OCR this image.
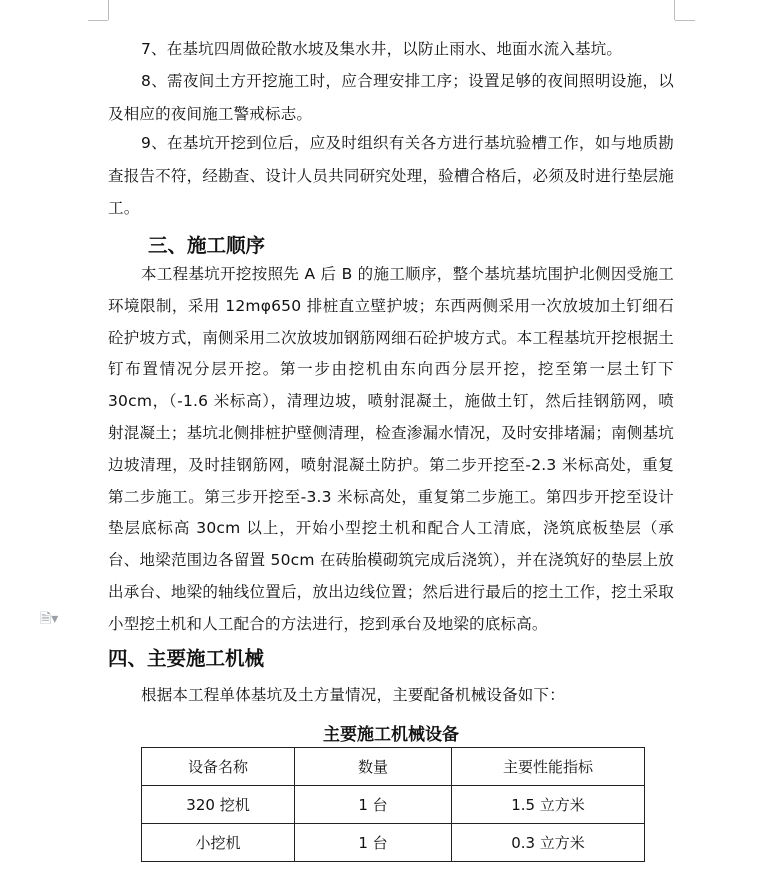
🗎▾

7、在基坑四周做砼散水坡及集水井，以防止雨水、地面水流入基坑。

8、需夜间土方开挖施工时，应合理安排工序；设置足够的夜间照明设施，以及相应的夜间施工警戒标志。

9、在基坑开挖到位后，应及时组织有关各方进行基坑验槽工作，如与地质勘查报告不符，经勘查、设计人员共同研究处理，验槽合格后，必须及时进行垫层施工。

三、施工顺序

本工程基坑开挖按照先 A 后 B 的施工顺序，整个基坑基坑围护北侧因受施工环境限制，采用 12mφ650 排桩直立壁护坡；东西两侧采用一次放坡加土钉细石砼护坡方式，南侧采用二次放坡加钢筋网细石砼护坡方式。本工程基坑开挖根据土钉布置情况分层开挖。第一步由挖机由东向西分层开挖，挖至第一层土钉下 30cm，（-1.6 米标高），清理边坡，喷射混凝土，施做土钉，然后挂钢筋网，喷射混凝土；基坑北侧排桩护壁侧清理，检查渗漏水情况，及时安排堵漏；南侧基坑边坡清理，及时挂钢筋网，喷射混凝土防护。第二步开挖至-2.3 米标高处，重复第二步施工。第三步开挖至-3.3 米标高处，重复第二步施工。第四步开挖至设计垫层底标高 30cm 以上，开始小型挖土机和配合人工清底，浇筑底板垫层（承台、地梁范围边各留置 50cm 在砖胎模砌筑完成后浇筑），并在浇筑好的垫层上放出承台、地梁的轴线位置后，放出边线位置；然后进行最后的挖土工作，挖土采取小型挖土机和人工配合的方法进行，挖到承台及地梁的底标高。

四、主要施工机械

根据本工程单体基坑及土方量情况，主要配备机械设备如下：

主要施工机械设备

设备名称	数量	主要性能指标
320 挖机	1 台	1.5 立方米
小挖机	1 台	0.3 立方米
